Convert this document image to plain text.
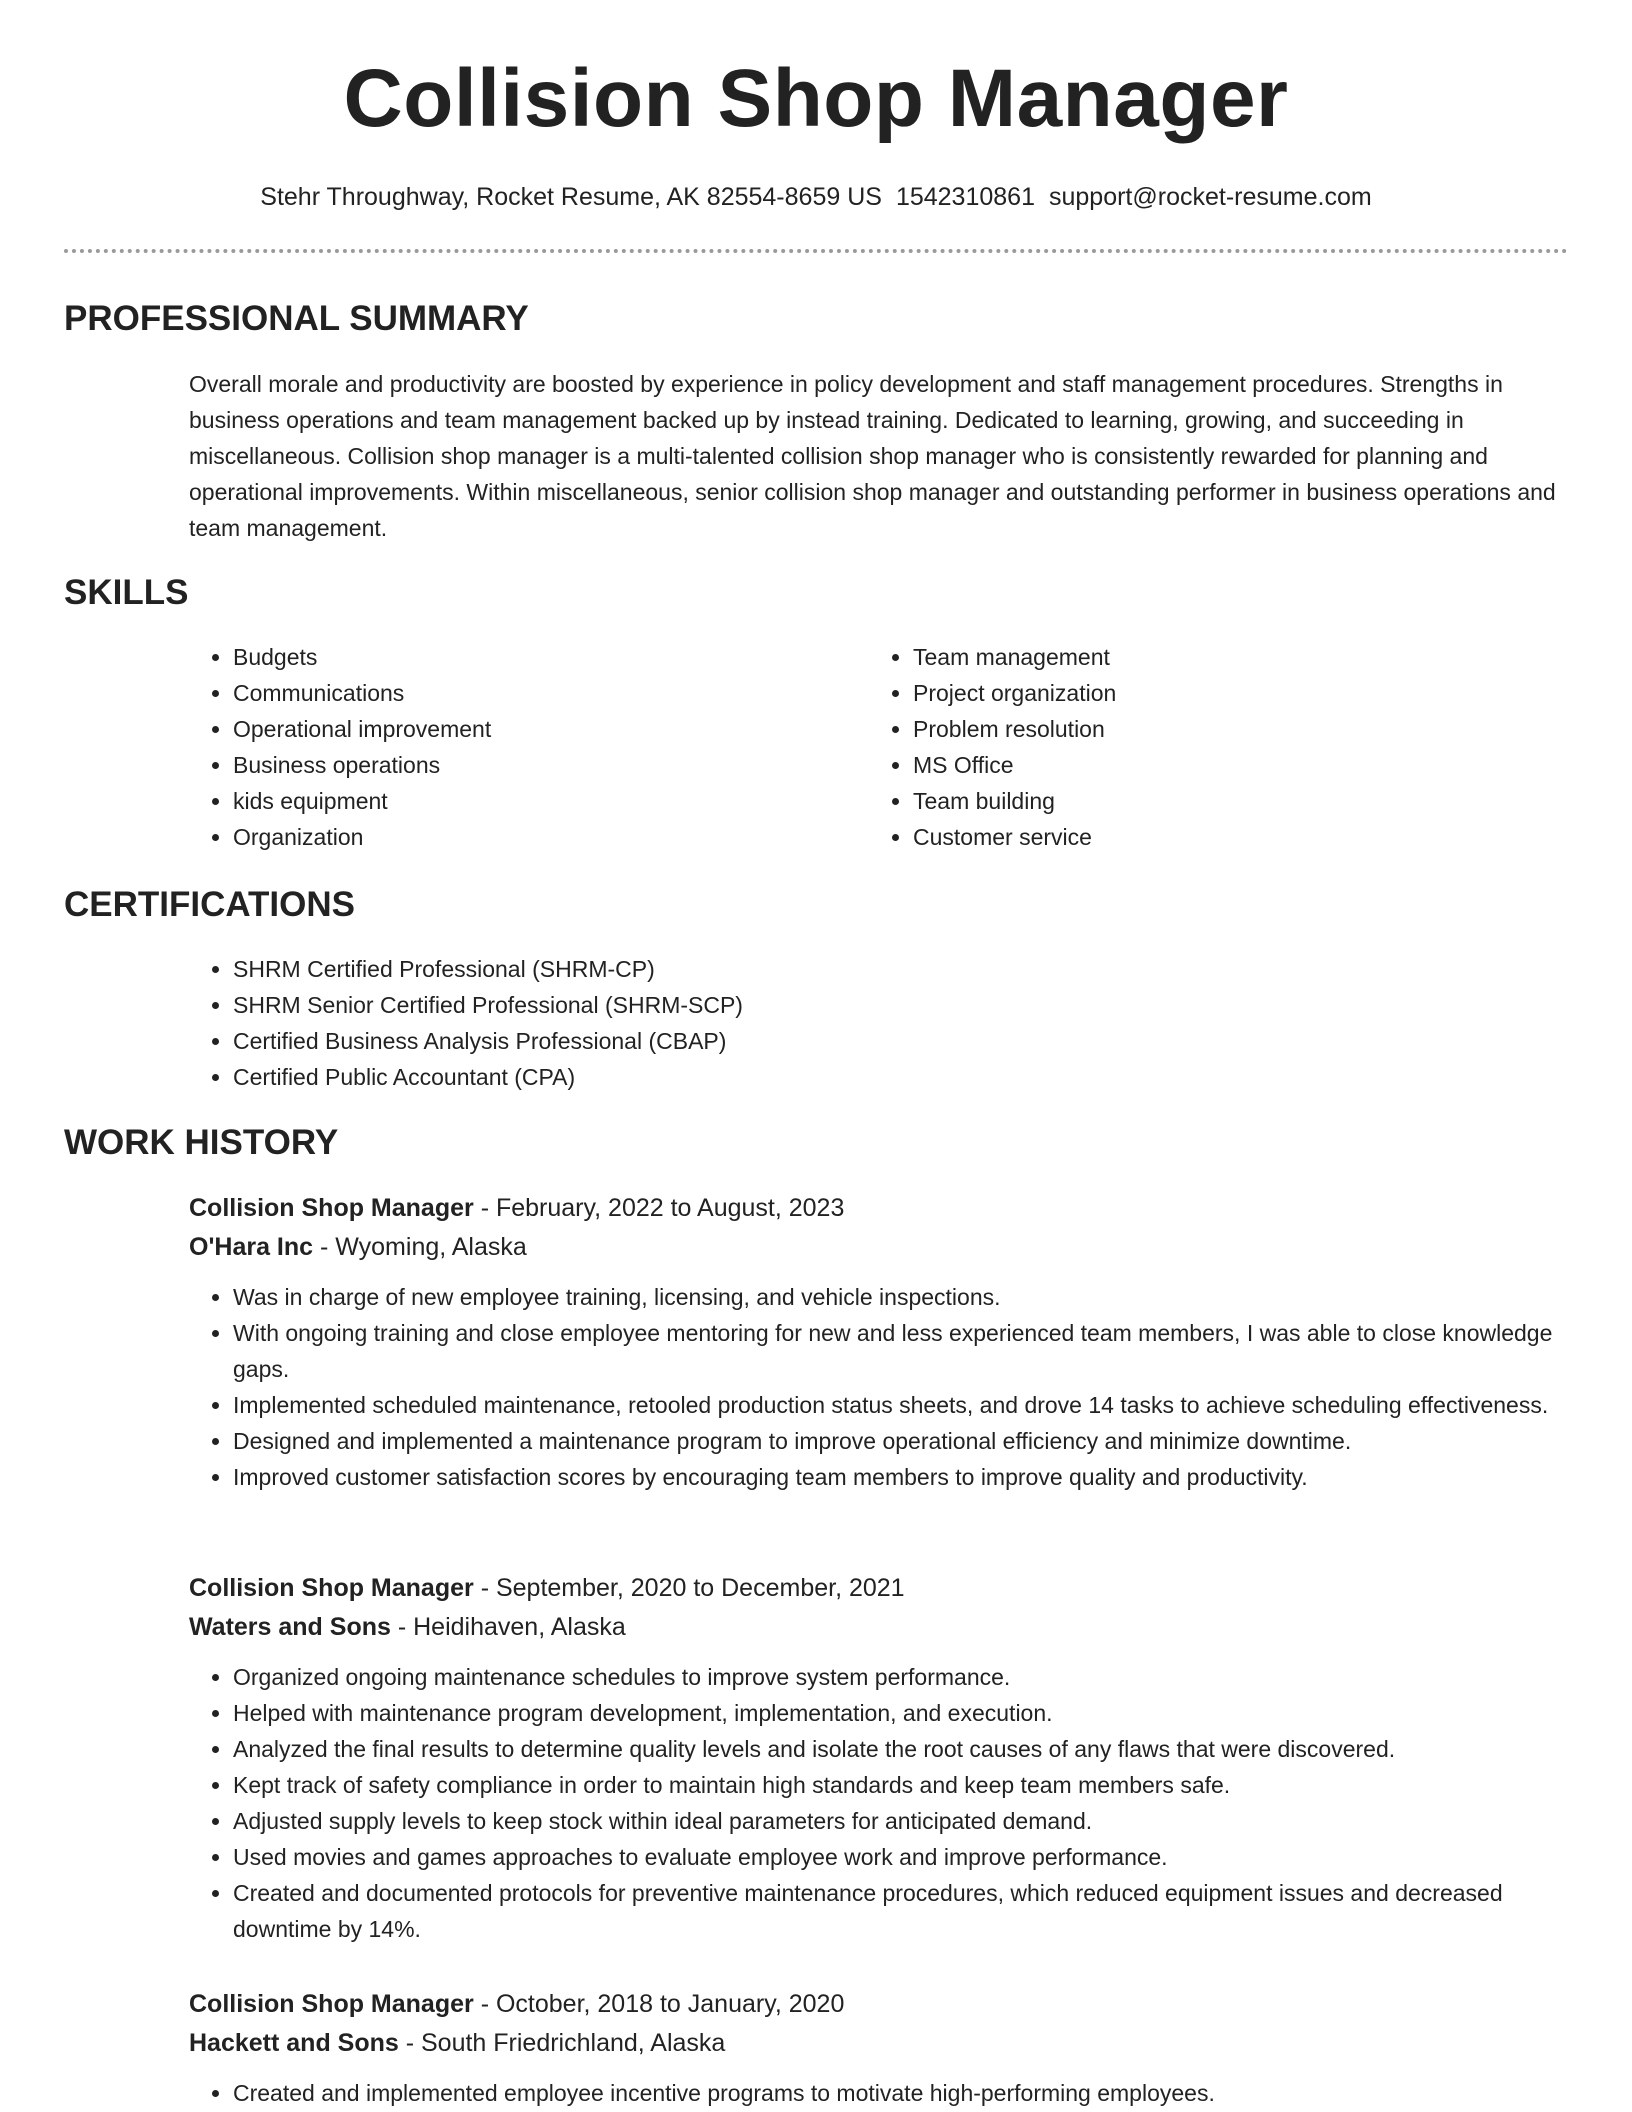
Collision Shop Manager
Stehr Throughway, Rocket Resume, AK 82554-8659 US 1542310861 support@rocket-resume.com
PROFESSIONAL SUMMARY
Overall morale and productivity are boosted by experience in policy development and staff management procedures. Strengths in business operations and team management backed up by instead training. Dedicated to learning, growing, and succeeding in miscellaneous. Collision shop manager is a multi-talented collision shop manager who is consistently rewarded for planning and operational improvements. Within miscellaneous, senior collision shop manager and outstanding performer in business operations and team management.
SKILLS
• Budgets
• Communications
• Operational improvement
• Business operations
• kids equipment
• Organization
• Team management
• Project organization
• Problem resolution
• MS Office
• Team building
• Customer service
CERTIFICATIONS
• SHRM Certified Professional (SHRM-CP)
• SHRM Senior Certified Professional (SHRM-SCP)
• Certified Business Analysis Professional (CBAP)
• Certified Public Accountant (CPA)
WORK HISTORY
Collision Shop Manager - February, 2022 to August, 2023
O'Hara Inc - Wyoming, Alaska
• Was in charge of new employee training, licensing, and vehicle inspections.
• With ongoing training and close employee mentoring for new and less experienced team members, I was able to close knowledge gaps.
• Implemented scheduled maintenance, retooled production status sheets, and drove 14 tasks to achieve scheduling effectiveness.
• Designed and implemented a maintenance program to improve operational efficiency and minimize downtime.
• Improved customer satisfaction scores by encouraging team members to improve quality and productivity.
Collision Shop Manager - September, 2020 to December, 2021
Waters and Sons - Heidihaven, Alaska
• Organized ongoing maintenance schedules to improve system performance.
• Helped with maintenance program development, implementation, and execution.
• Analyzed the final results to determine quality levels and isolate the root causes of any flaws that were discovered.
• Kept track of safety compliance in order to maintain high standards and keep team members safe.
• Adjusted supply levels to keep stock within ideal parameters for anticipated demand.
• Used movies and games approaches to evaluate employee work and improve performance.
• Created and documented protocols for preventive maintenance procedures, which reduced equipment issues and decreased downtime by 14%.
Collision Shop Manager - October, 2018 to January, 2020
Hackett and Sons - South Friedrichland, Alaska
• Created and implemented employee incentive programs to motivate high-performing employees.
